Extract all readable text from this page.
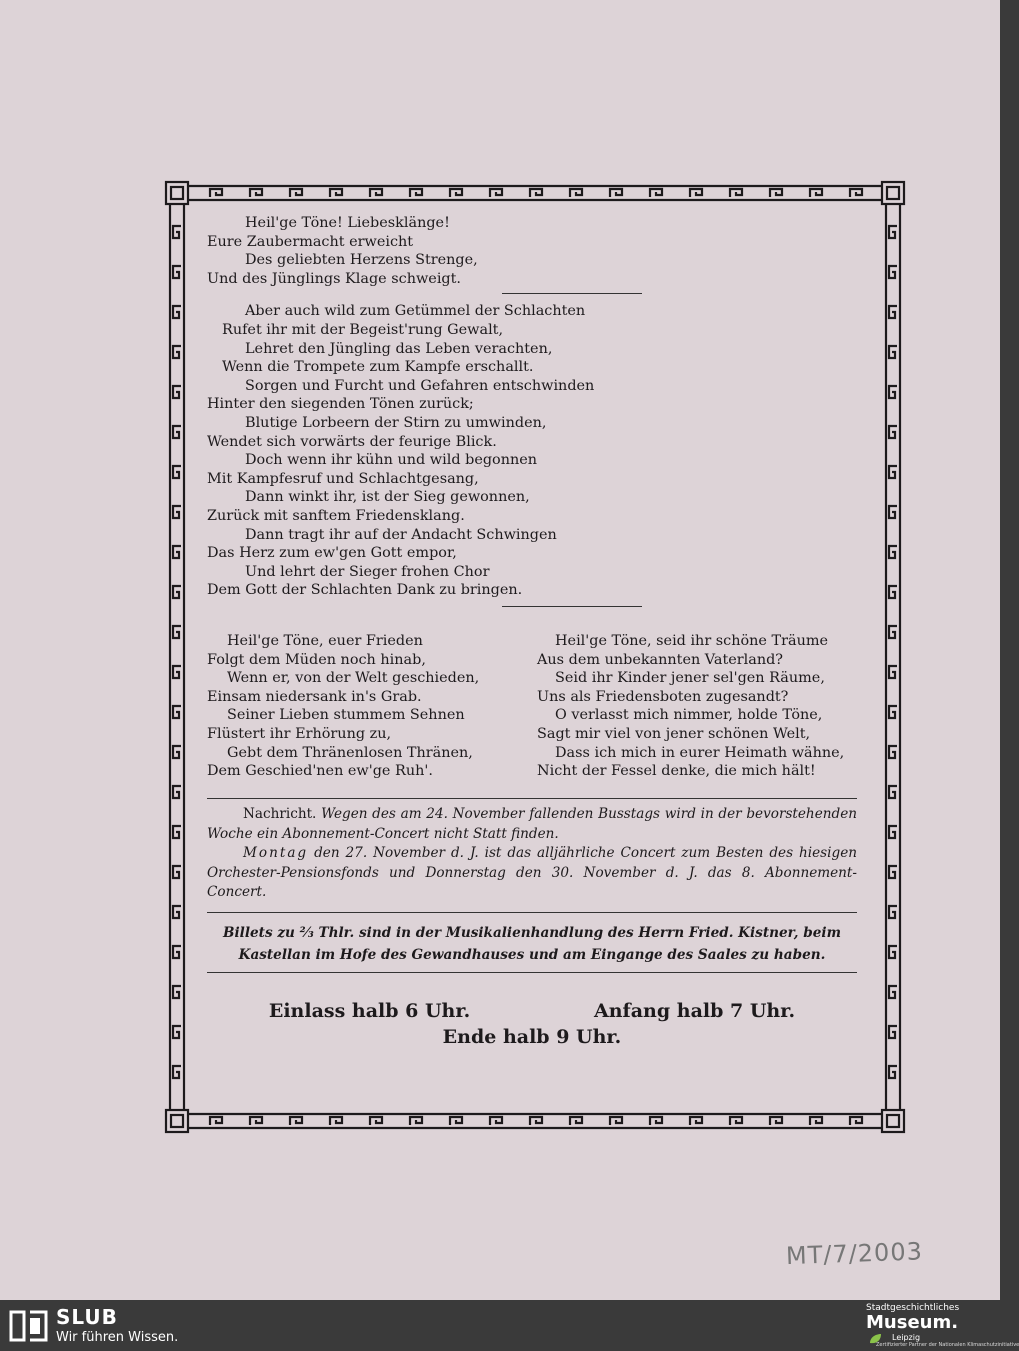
Heil'ge Töne! Liebesklänge!
Eure Zaubermacht erweicht
Des geliebten Herzens Strenge,
Und des Jünglings Klage schweigt.
Aber auch wild zum Getümmel der Schlachten
Rufet ihr mit der Begeist'rung Gewalt,
Lehret den Jüngling das Leben verachten,
Wenn die Trompete zum Kampfe erschallt.
Sorgen und Furcht und Gefahren entschwinden
Hinter den siegenden Tönen zurück;
Blutige Lorbeern der Stirn zu umwinden,
Wendet sich vorwärts der feurige Blick.
Doch wenn ihr kühn und wild begonnen
Mit Kampfesruf und Schlachtgesang,
Dann winkt ihr, ist der Sieg gewonnen,
Zurück mit sanftem Friedensklang.
Dann tragt ihr auf der Andacht Schwingen
Das Herz zum ew'gen Gott empor,
Und lehrt der Sieger frohen Chor
Dem Gott der Schlachten Dank zu bringen.
Heil'ge Töne, euer Frieden
Folgt dem Müden noch hinab,
Wenn er, von der Welt geschieden,
Einsam niedersank in's Grab.
Seiner Lieben stummem Sehnen
Flüstert ihr Erhörung zu,
Gebt dem Thränenlosen Thränen,
Dem Geschied'nen ew'ge Ruh'.
Heil'ge Töne, seid ihr schöne Träume
Aus dem unbekannten Vaterland?
Seid ihr Kinder jener sel'gen Räume,
Uns als Friedensboten zugesandt?
O verlasst mich nimmer, holde Töne,
Sagt mir viel von jener schönen Welt,
Dass ich mich in eurer Heimath wähne,
Nicht der Fessel denke, die mich hält!

Nachricht. Wegen des am 24. November fallenden Busstags wird in der bevorstehenden Woche ein Abonnement-Concert nicht Statt finden.

Montag den 27. November d. J. ist das alljährliche Concert zum Besten des hiesigen Orchester-Pensionsfonds und Donnerstag den 30. November d. J. das 8. Abonnement-Concert.

Billets zu ⅔ Thlr. sind in der Musikalienhandlung des Herrn Fried. Kistner, beim
Kastellan im Hofe des Gewandhauses und am Eingange des Saales zu haben.
Einlass halb 6 Uhr.	Anfang halb 7 Uhr.
Ende halb 9 Uhr.
MT/7/2003
SLUB
Wir führen Wissen.
Stadtgeschichtliches
Museum.
Leipzig
Zertifizierter Partner der Nationalen Klimaschutzinitiative
